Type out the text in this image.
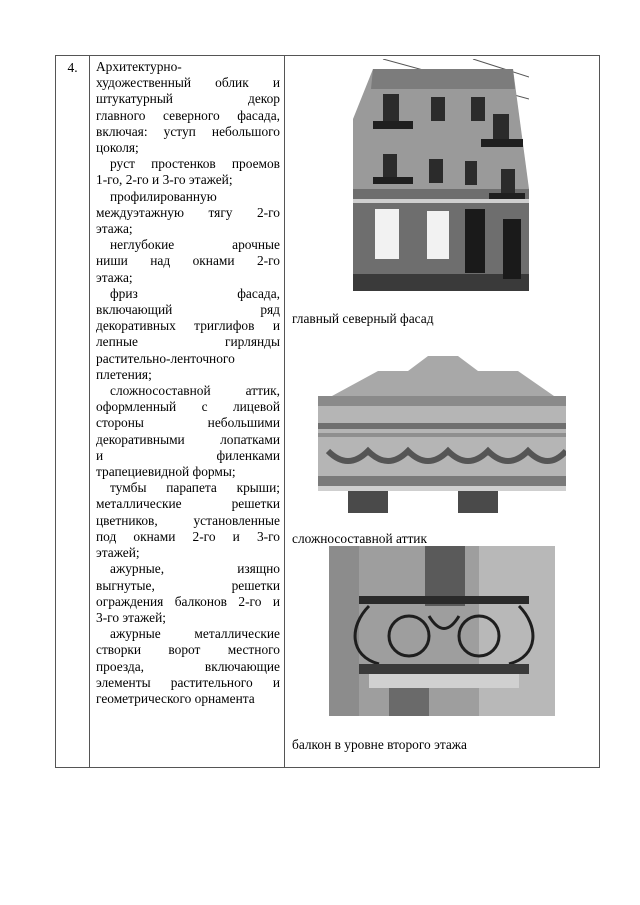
4.	Архитектурно-

художественный облик и

штукатурный декор

главного северного фасада,

включая: уступ небольшого

цоколя;

руст простенков проемов

1-го, 2-го и 3-го этажей;

профилированную

междуэтажную тягу 2-го

этажа;

неглубокие арочные

ниши над окнами 2-го

этажа;

фриз фасада,

включающий ряд

декоративных триглифов и

лепные гирлянды

растительно-ленточного

плетения;

сложносоставной аттик,

оформленный с лицевой

стороны небольшими

декоративными лопатками

и филенками

трапециевидной формы;

тумбы парапета крыши;

металлические решетки

цветников, установленные

под окнами 2-го и 3-го

этажей;

ажурные, изящно

выгнутые, решетки

ограждения балконов 2-го и

3-го этажей;

ажурные металлические

створки ворот местного

проезда, включающие

элементы растительного и

геометрического орнамента

главный северный фасад
сложносоставной аттик
балкон в уровне второго этажа
